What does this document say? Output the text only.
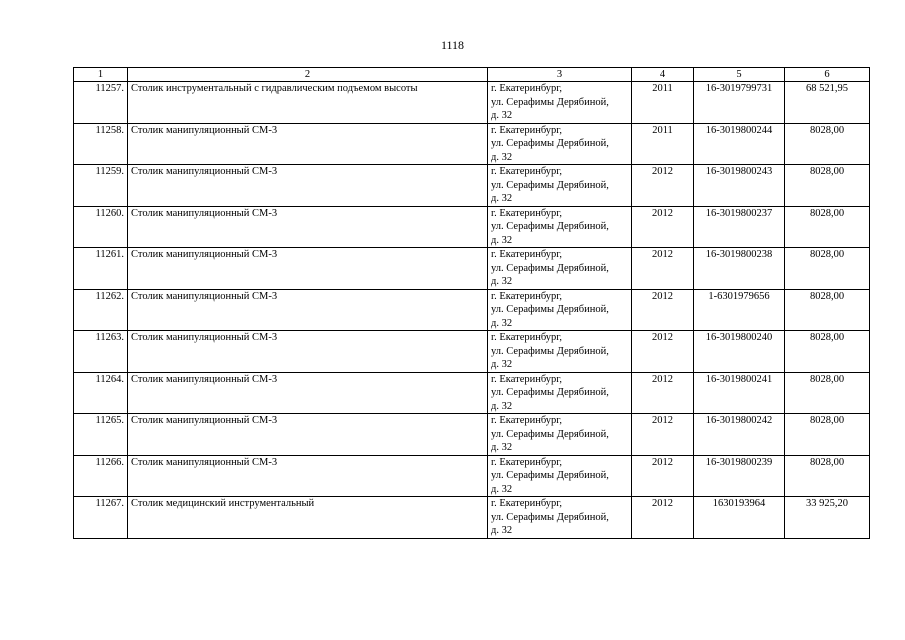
1118
1	2	3	4	5	6
11257.	Столик инструментальный с гидравлическим подъемом высоты	г. Екатеринбург,
ул. Серафимы Дерябиной,
д. 32	2011	16-3019799731	68 521,95
11258.	Столик манипуляционный СМ-3	г. Екатеринбург,
ул. Серафимы Дерябиной,
д. 32	2011	16-3019800244	8028,00
11259.	Столик манипуляционный СМ-3	г. Екатеринбург,
ул. Серафимы Дерябиной,
д. 32	2012	16-3019800243	8028,00
11260.	Столик манипуляционный СМ-3	г. Екатеринбург,
ул. Серафимы Дерябиной,
д. 32	2012	16-3019800237	8028,00
11261.	Столик манипуляционный СМ-3	г. Екатеринбург,
ул. Серафимы Дерябиной,
д. 32	2012	16-3019800238	8028,00
11262.	Столик манипуляционный СМ-3	г. Екатеринбург,
ул. Серафимы Дерябиной,
д. 32	2012	1-6301979656	8028,00
11263.	Столик манипуляционный СМ-3	г. Екатеринбург,
ул. Серафимы Дерябиной,
д. 32	2012	16-3019800240	8028,00
11264.	Столик манипуляционный СМ-3	г. Екатеринбург,
ул. Серафимы Дерябиной,
д. 32	2012	16-3019800241	8028,00
11265.	Столик манипуляционный СМ-3	г. Екатеринбург,
ул. Серафимы Дерябиной,
д. 32	2012	16-3019800242	8028,00
11266.	Столик манипуляционный СМ-3	г. Екатеринбург,
ул. Серафимы Дерябиной,
д. 32	2012	16-3019800239	8028,00
11267.	Столик медицинский инструментальный	г. Екатеринбург,
ул. Серафимы Дерябиной,
д. 32	2012	1630193964	33 925,20
